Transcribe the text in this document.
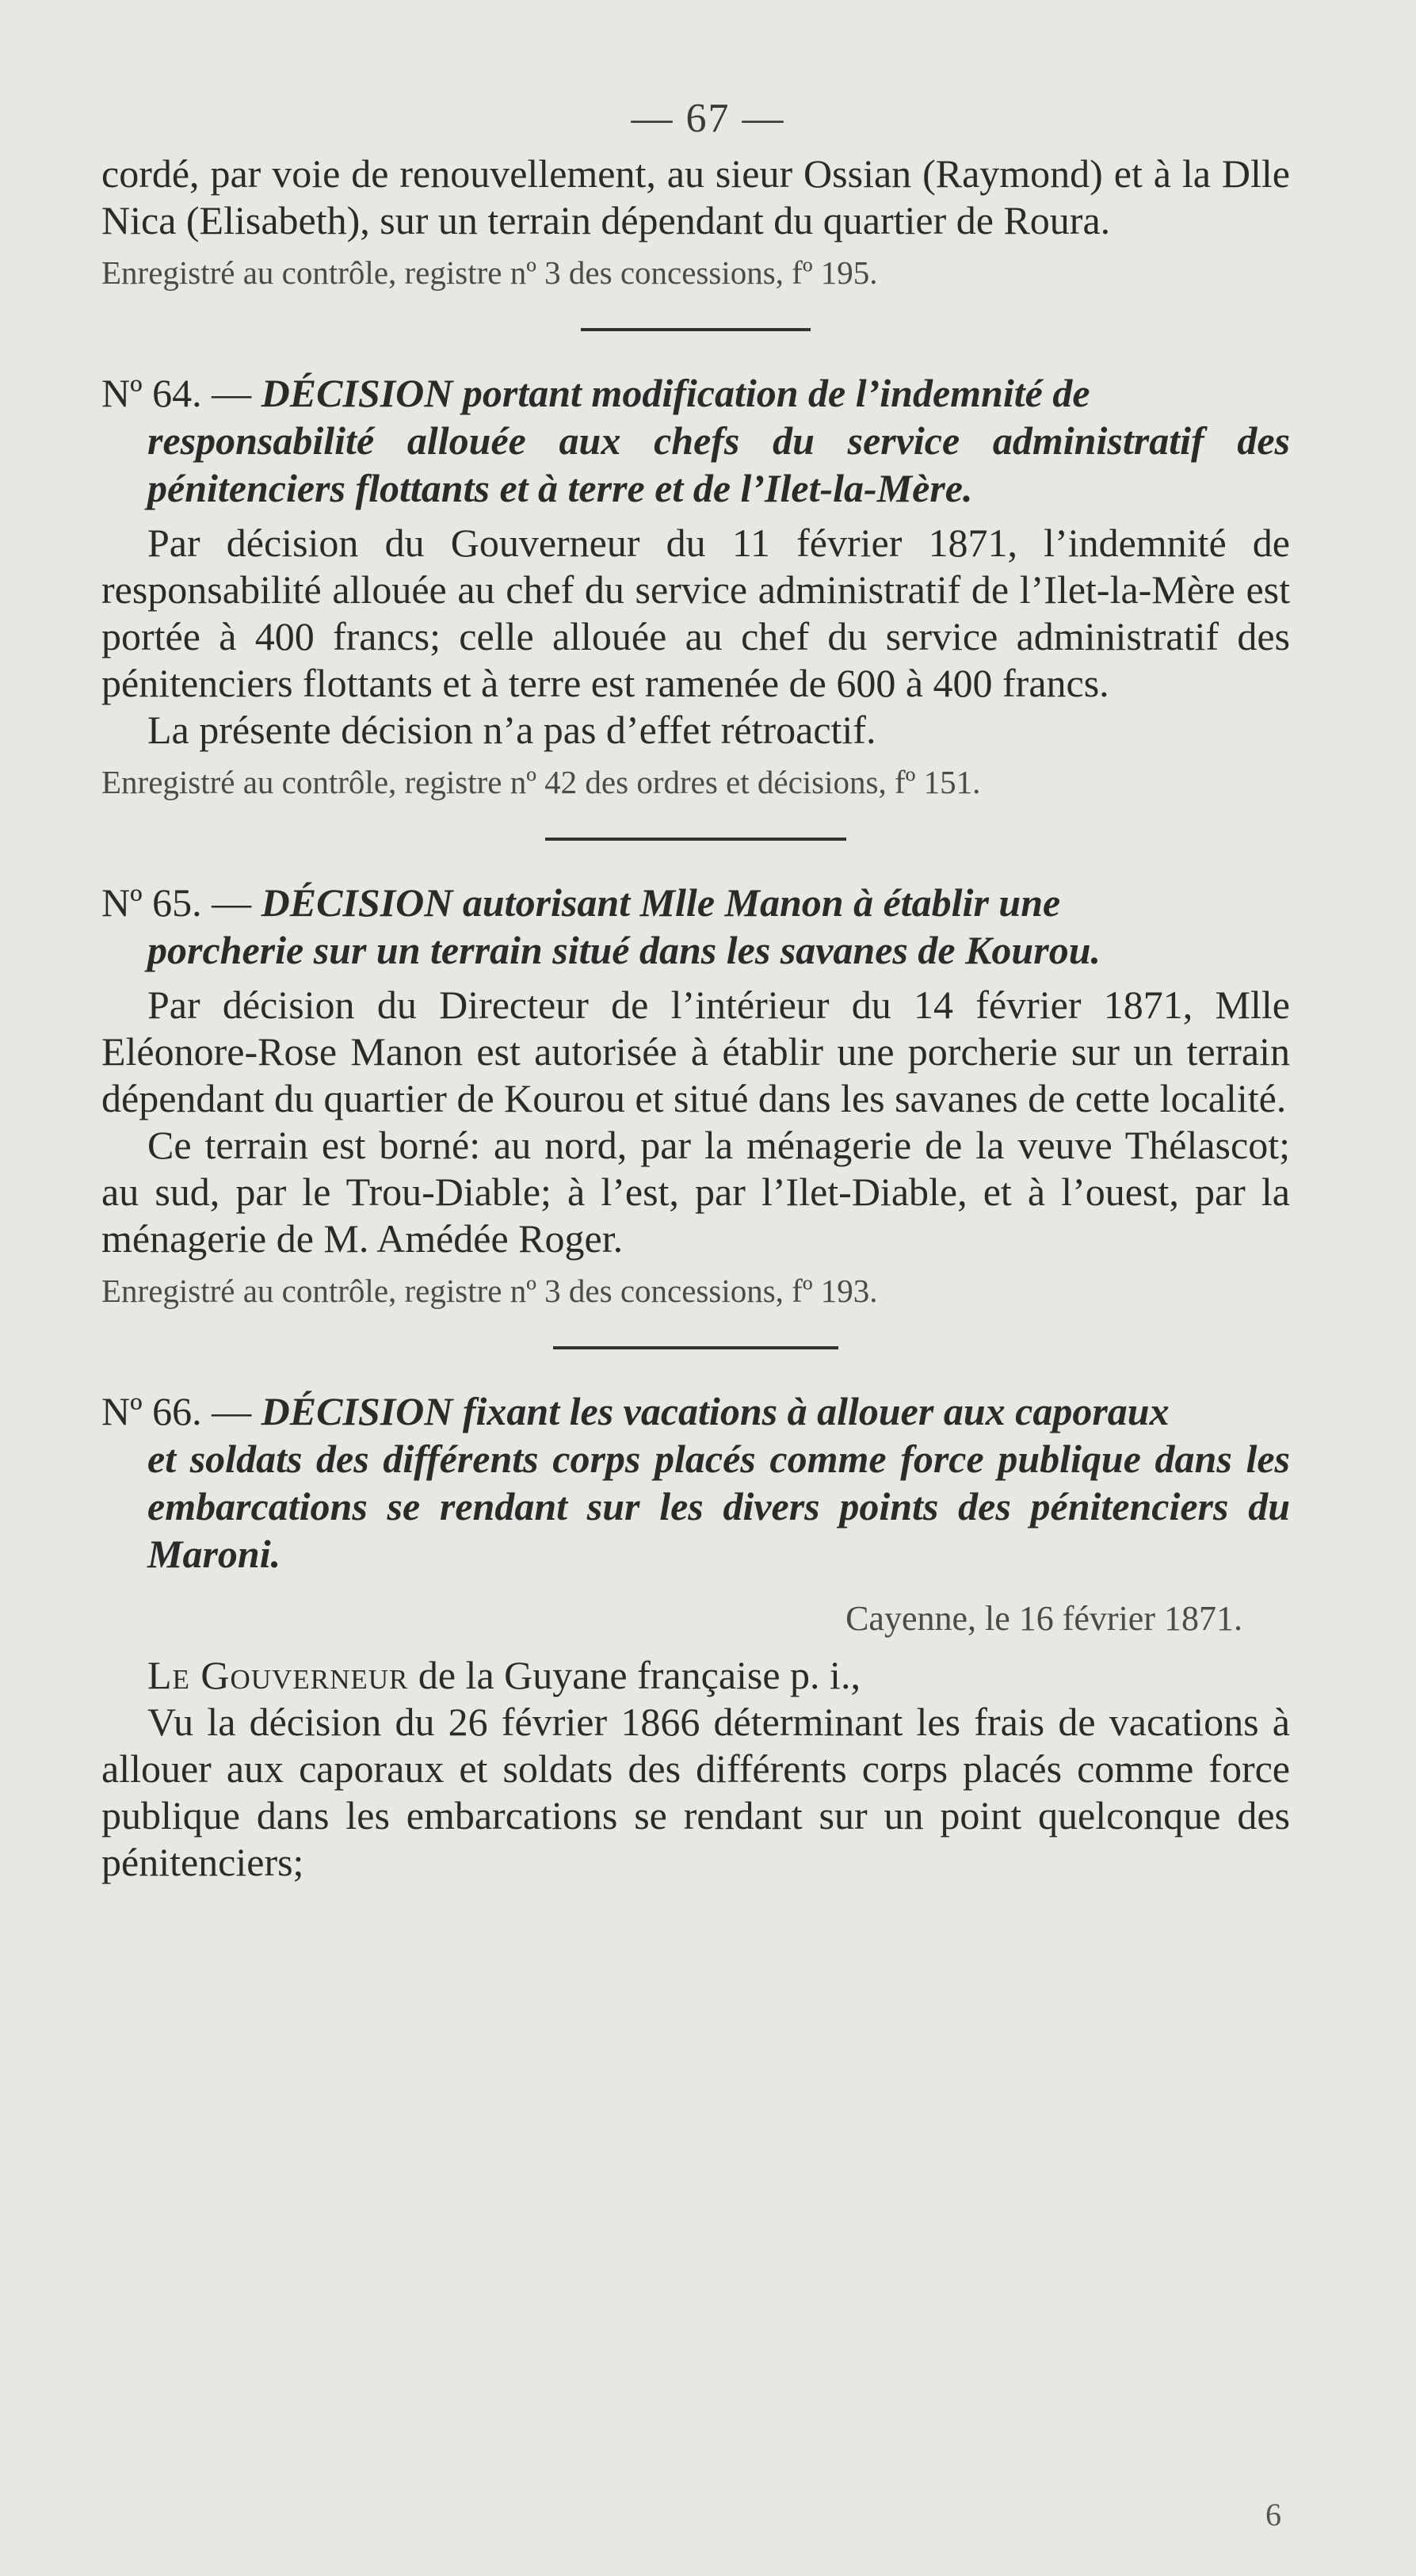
— 67 —

cordé, par voie de renouvellement, au sieur Ossian (Raymond) et à la Dlle Nica (Elisabeth), sur un terrain dépendant du quartier de Roura.

Enregistré au contrôle, registre nº 3 des concessions, fº 195.

Nº 64. — DÉCISION portant modification de l’indemnité de
responsabilité allouée aux chefs du service administratif des pénitenciers flottants et à terre et de l’Ilet-la-Mère.

Par décision du Gouverneur du 11 février 1871, l’indemnité de responsabilité allouée au chef du service administratif de l’Ilet-la-Mère est portée à 400 francs; celle allouée au chef du service administratif des pénitenciers flottants et à terre est ramenée de 600 à 400 francs.

La présente décision n’a pas d’effet rétroactif.

Enregistré au contrôle, registre nº 42 des ordres et décisions, fº 151.

Nº 65. — DÉCISION autorisant Mlle Manon à établir une
porcherie sur un terrain situé dans les savanes de Kourou.

Par décision du Directeur de l’intérieur du 14 février 1871, Mlle Eléonore-Rose Manon est autorisée à établir une porcherie sur un terrain dépendant du quartier de Kourou et situé dans les savanes de cette localité.

Ce terrain est borné: au nord, par la ménagerie de la veuve Thélascot; au sud, par le Trou-Diable; à l’est, par l’Ilet-Diable, et à l’ouest, par la ménagerie de M. Amédée Roger.

Enregistré au contrôle, registre nº 3 des concessions, fº 193.

Nº 66. — DÉCISION fixant les vacations à allouer aux caporaux
et soldats des différents corps placés comme force publique dans les embarcations se rendant sur les divers points des pénitenciers du Maroni.

Cayenne, le 16 février 1871.

Le Gouverneur de la Guyane française p. i.,

Vu la décision du 26 février 1866 déterminant les frais de vacations à allouer aux caporaux et soldats des différents corps placés comme force publique dans les embarcations se rendant sur un point quelconque des pénitenciers;

6
